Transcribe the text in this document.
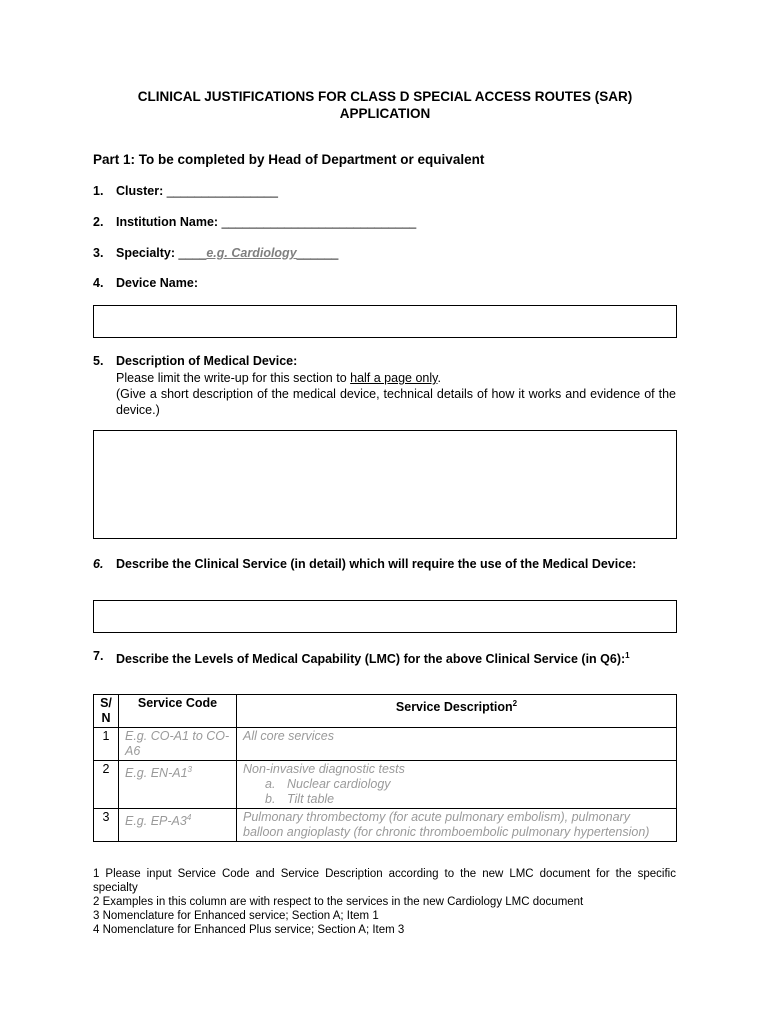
CLINICAL JUSTIFICATIONS FOR CLASS D SPECIAL ACCESS ROUTES (SAR)
APPLICATION
Part 1: To be completed by Head of Department or equivalent
1. Cluster: ________________
2. Institution Name: ____________________________
3. Specialty: ____e.g. Cardiology______
4. Device Name:
5. Description of Medical Device:
Please limit the write-up for this section to half a page only.
(Give a short description of the medical device, technical details of how it works and evidence of the device.)
6.	Describe the Clinical Service (in detail) which will require the use of the Medical Device:
7.	Describe the Levels of Medical Capability (LMC) for the above Clinical Service (in Q6):$^1$
S/ N	Service Code	Service Description$^2$
1	E.g. CO-A1 to CO-A6	All core services
2	E.g. $EN-A1^3$	Non-invasive diagnostic tests
a. Nuclear cardiology
b. Tilt table

3	E.g. $EP-A3^4$	Pulmonary thrombectomy (for acute pulmonary embolism), pulmonary balloon angioplasty (for chronic thromboembolic pulmonary hypertension)
1 Please input Service Code and Service Description according to the new LMC document for the specific specialty
2 Examples in this column are with respect to the services in the new Cardiology LMC document
3 Nomenclature for Enhanced service; Section A; Item 1
4 Nomenclature for Enhanced Plus service; Section A; Item 3
